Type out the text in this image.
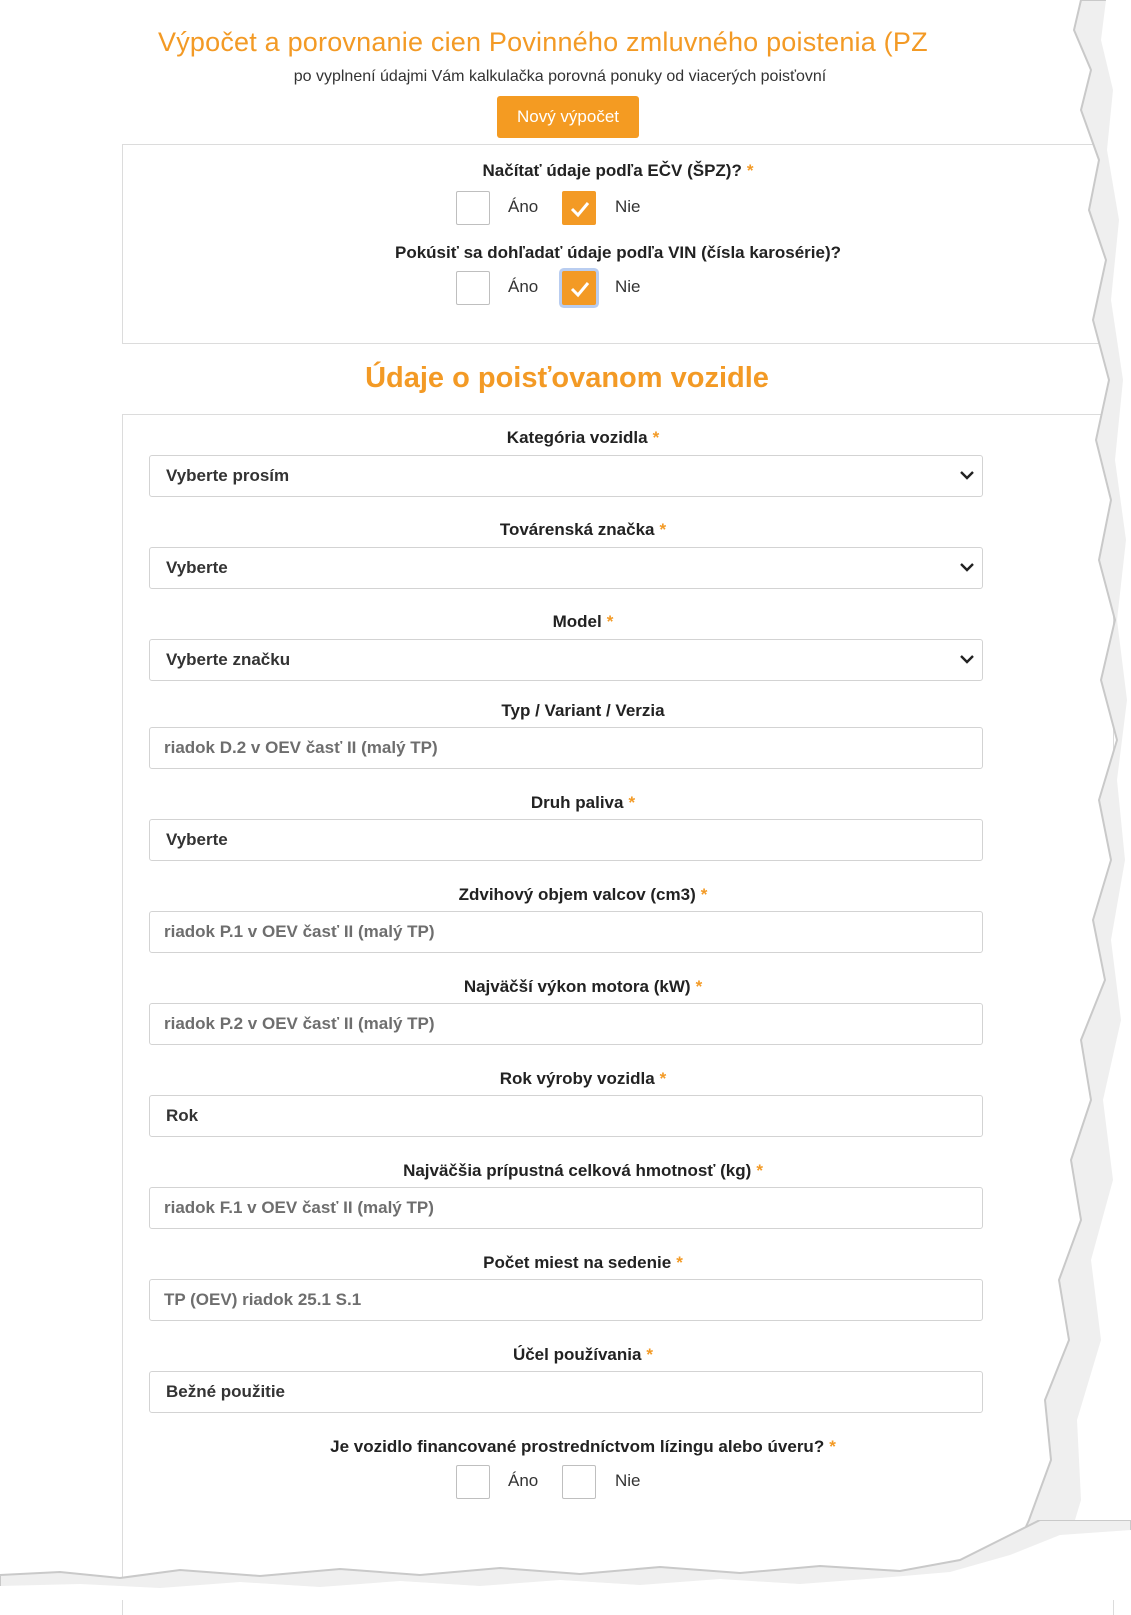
Výpočet a porovnanie cien Povinného zmluvného poistenia (PZ
po vyplnení údajmi Vám kalkulačka porovná ponuky od viacerých poisťovní
Nový výpočet
Načítať údaje podľa EČV (ŠPZ)? *
Áno	Nie
Pokúsiť sa dohľadať údaje podľa VIN (čísla karosérie)?
Áno	Nie
Údaje o poisťovanom vozidle
Kategória vozidla *
Vyberte prosím
Továrenská značka *
Vyberte
Model *
Vyberte značku
Typ / Variant / Verzia
riadok D.2 v OEV časť II (malý TP)
Druh paliva *
Vyberte
Zdvihový objem valcov (cm3) *
riadok P.1 v OEV časť II (malý TP)
Najväčší výkon motora (kW) *
riadok P.2 v OEV časť II (malý TP)
Rok výroby vozidla *
Rok
Najväčšia prípustná celková hmotnosť (kg) *
riadok F.1 v OEV časť II (malý TP)
Počet miest na sedenie *
TP (OEV) riadok 25.1 S.1
Účel používania *
Bežné použitie
Je vozidlo financované prostredníctvom lízingu alebo úveru? *
Áno	Nie
